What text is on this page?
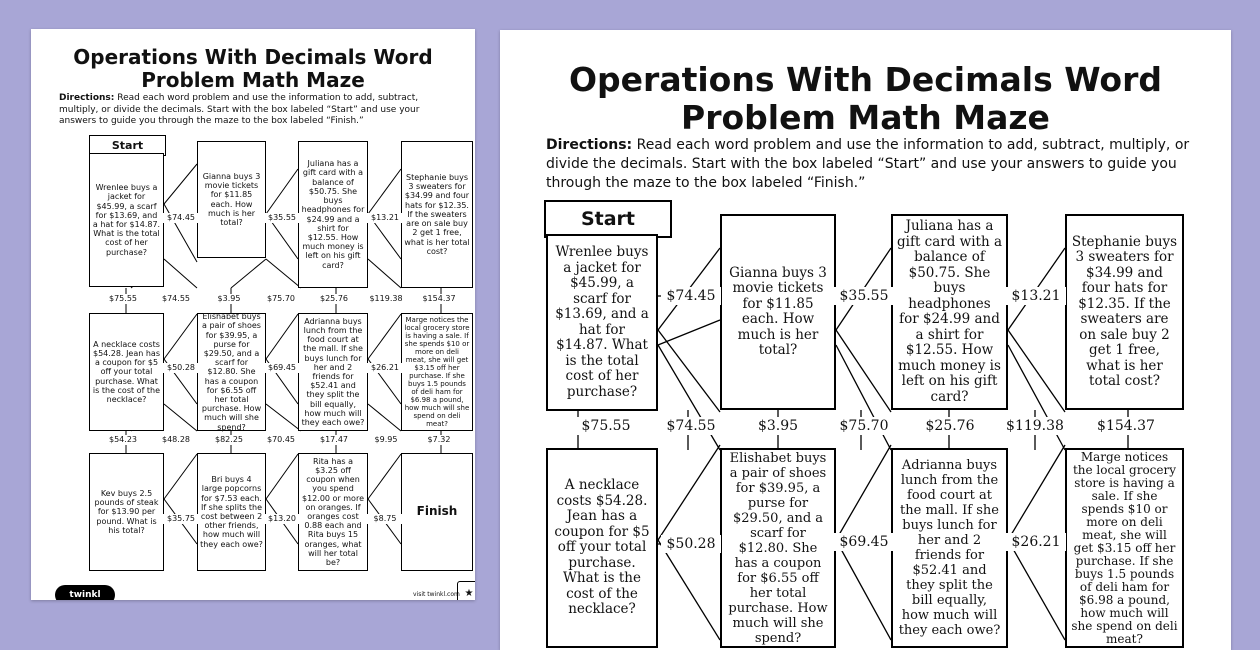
Operations With Decimals Word
Problem Math Maze
Directions: Read each word problem and use the information to add, subtract, multiply, or divide the decimals. Start with the box labeled “Start” and use your answers to guide you through the maze to the box labeled “Finish.”
Start
Wrenlee buys a jacket for $45.99, a scarf for $13.69, and a hat for $14.87. What is the total cost of her purchase?
Gianna buys 3 movie tickets for $11.85 each. How much is her total?
Juliana has a gift card with a balance of $50.75. She buys headphones for $24.99 and a shirt for $12.55. How much money is left on his gift card?
Stephanie buys 3 sweaters for $34.99 and four hats for $12.35. If the sweaters are on sale buy 2 get 1 free, what is her total cost?
A necklace costs $54.28. Jean has a coupon for $5 off your total purchase. What is the cost of the necklace?
Elishabet buys a pair of shoes for $39.95, a purse for $29.50, and a scarf for $12.80. She has a coupon for $6.55 off her total purchase. How much will she spend?
Adrianna buys lunch from the food court at the mall. If she buys lunch for her and 2 friends for $52.41 and they split the bill equally, how much will they each owe?
Marge notices the local grocery store is having a sale. If she spends $10 or more on deli meat, she will get $3.15 off her purchase. If she buys 1.5 pounds of deli ham for $6.98 a pound, how much will she spend on deli meat?
Kev buys 2.5 pounds of steak for $13.90 per pound. What is his total?
Bri buys 4 large popcorns for $7.53 each. If she splits the cost between 2 other friends, how much will they each owe?
Rita has a $3.25 off coupon when you spend $12.00 or more on oranges. If oranges cost 0.88 each and Rita buys 15 oranges, what will her total be?
Finish
$74.45	$35.55	$13.21
$75.55	$74.55	$3.95	$75.70	$25.76	$119.38 $154.37
$50.28	$69.45	$26.21
$54.23	$48.28	$82.25	$70.45	$17.47	$9.95	$7.32
$35.75	$13.20	$8.75
twinkl	visit twinkl.com ★
Operations With Decimals Word
Problem Math Maze
Directions: Read each word problem and use the information to add, subtract, multiply, or divide the decimals. Start with the box labeled “Start” and use your answers to guide you through the maze to the box labeled “Finish.”
Start
Wrenlee buys a jacket for $45.99, a scarf for $13.69, and a hat for $14.87. What is the total cost of her purchase?
Gianna buys 3 movie tickets for $11.85 each. How much is her total?
Juliana has a gift card with a balance of $50.75. She buys headphones for $24.99 and a shirt for $12.55. How much money is left on his gift card?
Stephanie buys 3 sweaters for $34.99 and four hats for $12.35. If the sweaters are on sale buy 2 get 1 free, what is her total cost?
A necklace costs $54.28. Jean has a coupon for $5 off your total purchase. What is the cost of the necklace?
Elishabet buys a pair of shoes for $39.95, a purse for $29.50, and a scarf for $12.80. She has a coupon for $6.55 off her total purchase. How much will she spend?
Adrianna buys lunch from the food court at the mall. If she buys lunch for her and 2 friends for $52.41 and they split the bill equally, how much will they each owe?
Marge notices the local grocery store is having a sale. If she spends $10 or more on deli meat, she will get $3.15 off her purchase. If she buys 1.5 pounds of deli ham for $6.98 a pound, how much will she spend on deli meat?
$74.45	$35.55	$13.21
$75.55	$74.55	$3.95	$75.70	$25.76	$119.38 $154.37
$50.28	$69.45	$26.21
